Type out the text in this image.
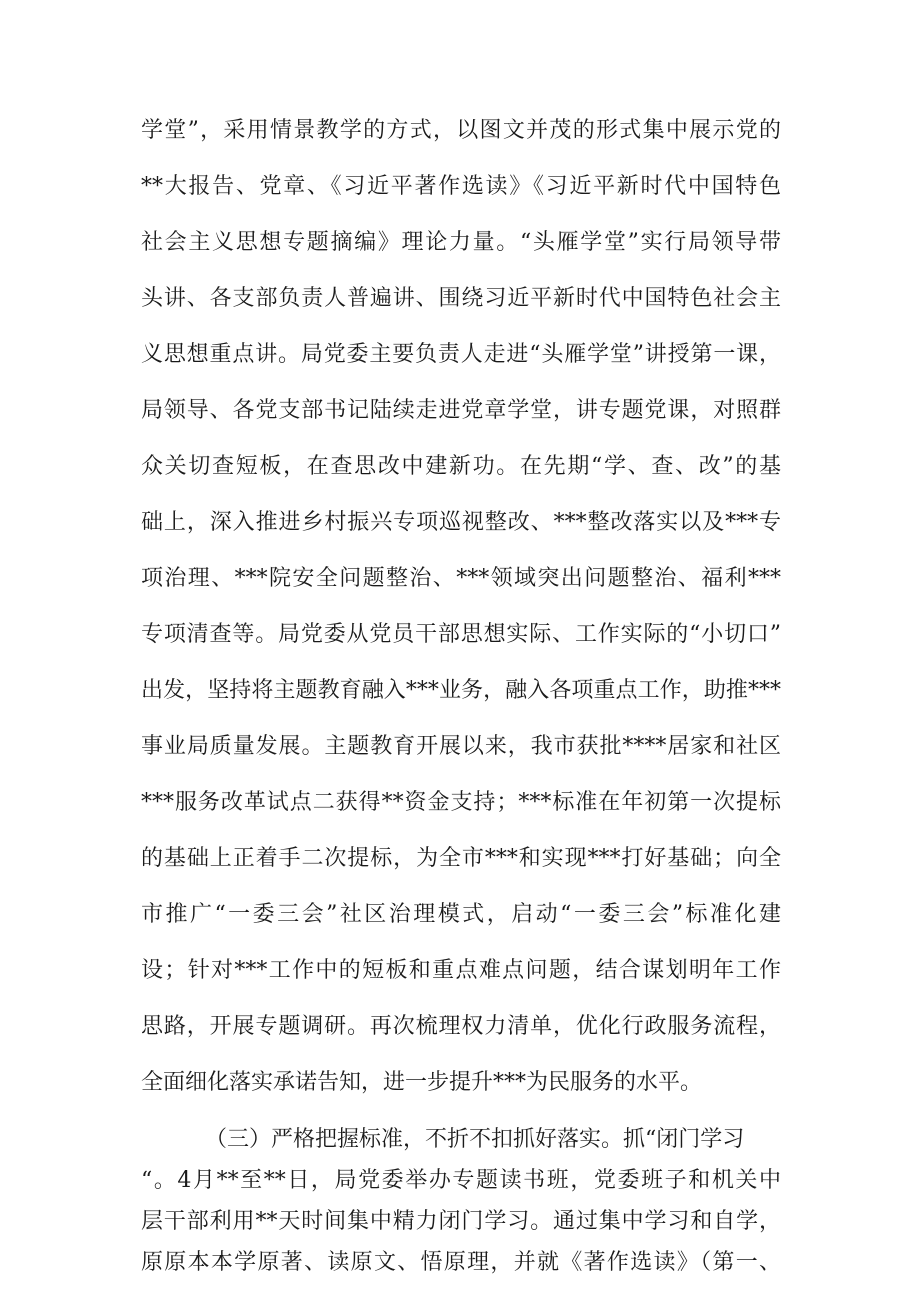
学堂”，采用情景教学的方式，以图文并茂的形式集中展示党的
**大报告、党章、《习近平著作选读》《习近平新时代中国特色
社会主义思想专题摘编》理论力量。“头雁学堂”实行局领导带
头讲、各支部负责人普遍讲、围绕习近平新时代中国特色社会主
义思想重点讲。局党委主要负责人走进“头雁学堂”讲授第一课，
局领导、各党支部书记陆续走进党章学堂，讲专题党课，对照群
众关切查短板，在查思改中建新功。在先期“学、查、改”的基
础上，深入推进乡村振兴专项巡视整改、***整改落实以及***专
项治理、***院安全问题整治、***领域突出问题整治、福利***
专项清查等。局党委从党员干部思想实际、工作实际的“小切口”
出发，坚持将主题教育融入***业务，融入各项重点工作，助推***
事业局质量发展。主题教育开展以来，我市获批****居家和社区
***服务改革试点二获得**资金支持；***标准在年初第一次提标
的基础上正着手二次提标，为全市***和实现***打好基础；向全
市推广“一委三会”社区治理模式，启动“一委三会”标准化建
设；针对***工作中的短板和重点难点问题，结合谋划明年工作
思路，开展专题调研。再次梳理权力清单，优化行政服务流程，
全面细化落实承诺告知，进一步提升***为民服务的水平。
（三）严格把握标准，不折不扣抓好落实。抓“闭门学习
“。4月**至**日，局党委举办专题读书班，党委班子和机关中
层干部利用**天时间集中精力闭门学习。通过集中学习和自学，
原原本本学原著、读原文、悟原理，并就《著作选读》（第一、
